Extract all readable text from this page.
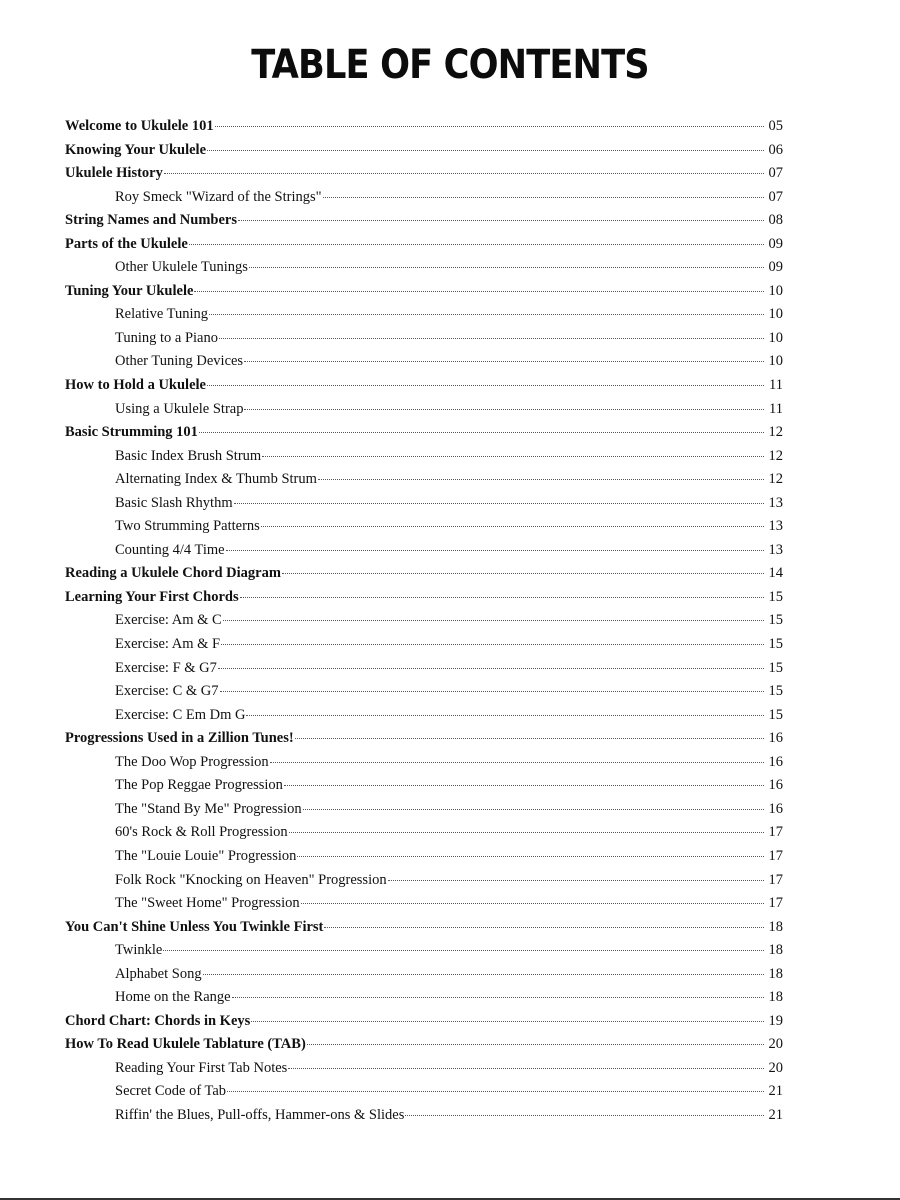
TABLE OF CONTENTS
Welcome to Ukulele 101	05
Knowing Your Ukulele	06
Ukulele History	07
Roy Smeck "Wizard of the Strings"	07
String Names and Numbers	08
Parts of the Ukulele	09
Other Ukulele Tunings	09
Tuning Your Ukulele	10
Relative Tuning	10
Tuning to a Piano	10
Other Tuning Devices	10
How to Hold a Ukulele	11
Using a Ukulele Strap	11
Basic Strumming 101	12
Basic Index Brush Strum	12
Alternating Index & Thumb Strum	12
Basic Slash Rhythm	13
Two Strumming Patterns	13
Counting 4/4 Time	13
Reading a Ukulele Chord Diagram	14
Learning Your First Chords	15
Exercise: Am & C	15
Exercise: Am & F	15
Exercise: F & G7	15
Exercise: C & G7	15
Exercise: C Em Dm G	15
Progressions Used in a Zillion Tunes!	16
The Doo Wop Progression	16
The Pop Reggae Progression	16
The "Stand By Me" Progression	16
60's Rock & Roll Progression	17
The "Louie Louie" Progression	17
Folk Rock "Knocking on Heaven" Progression	17
The "Sweet Home" Progression	17
You Can't Shine Unless You Twinkle First	18
Twinkle	18
Alphabet Song	18
Home on the Range	18
Chord Chart: Chords in Keys	19
How To Read Ukulele Tablature (TAB)	20
Reading Your First Tab Notes	20
Secret Code of Tab	21
Riffin' the Blues, Pull-offs, Hammer-ons & Slides	21
